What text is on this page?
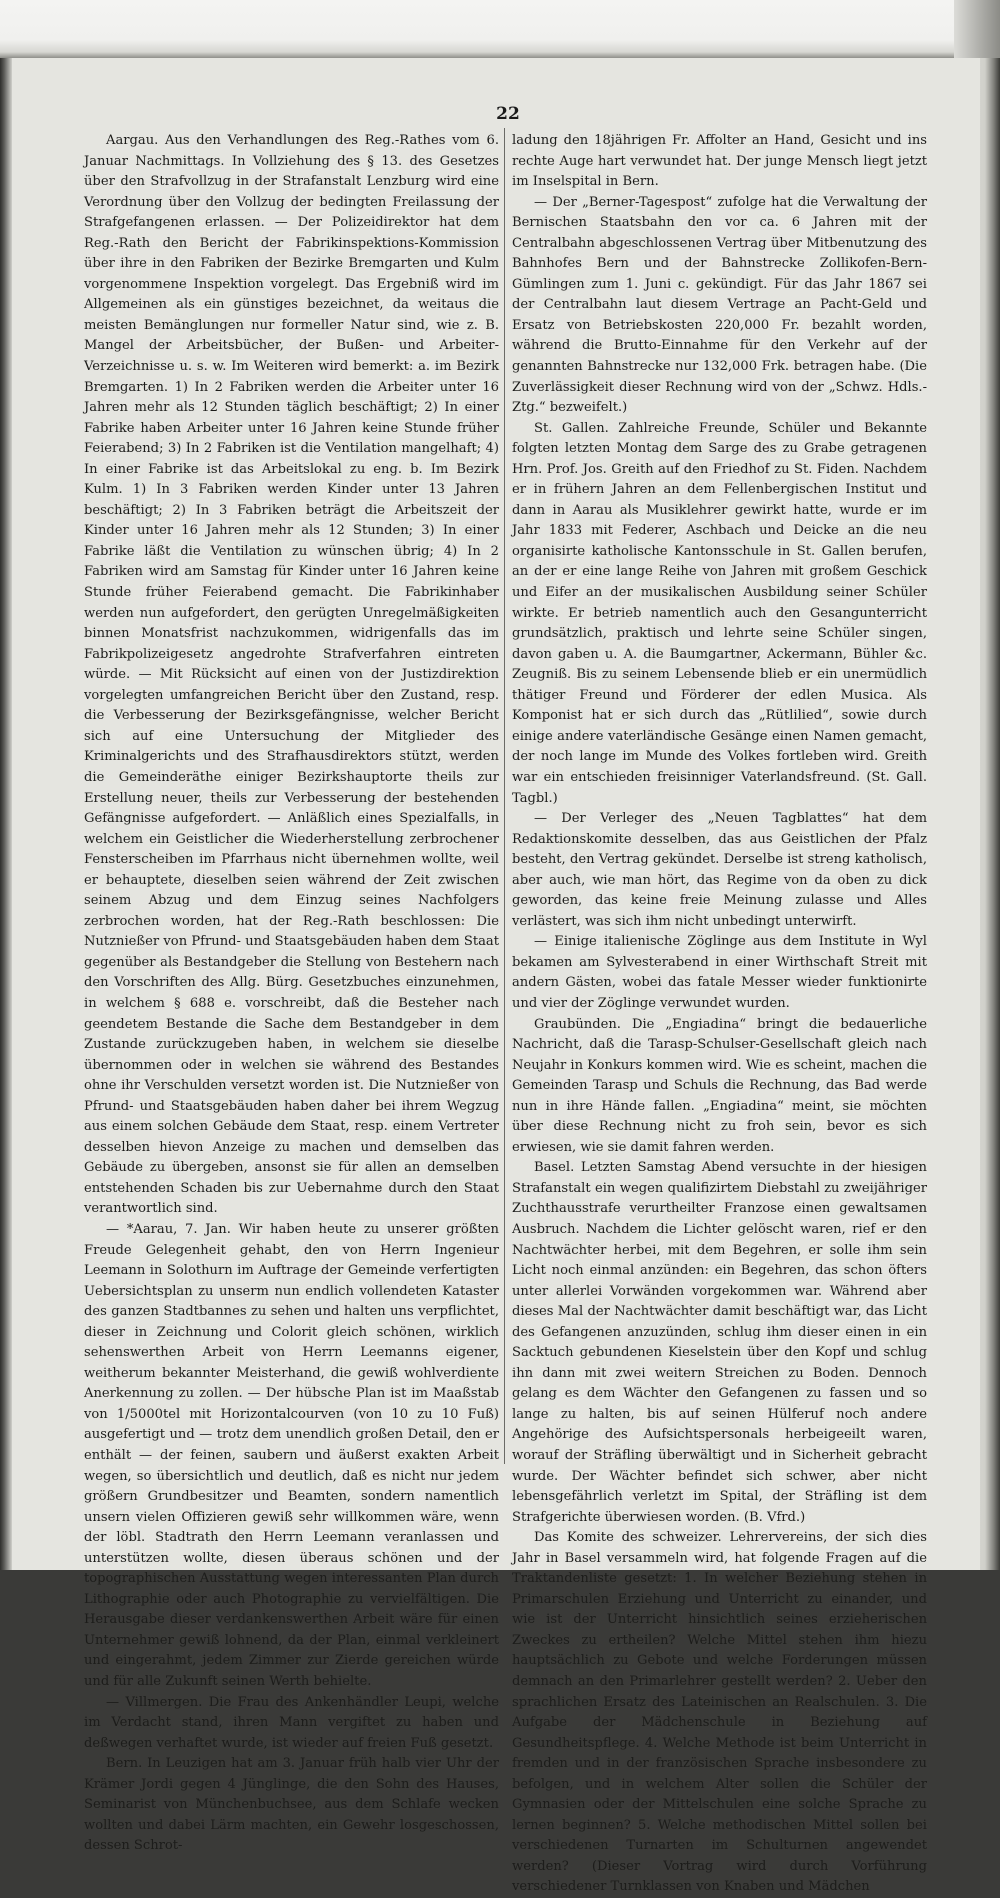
22

Aargau. Aus den Verhandlungen des Reg.-Rathes vom 6. Januar Nachmittags. In Vollziehung des § 13. des Gesetzes über den Strafvollzug in der Strafanstalt Lenzburg wird eine Verordnung über den Vollzug der bedingten Freilassung der Strafgefangenen erlassen. — Der Polizeidirektor hat dem Reg.-Rath den Bericht der Fabrikinspektions-Kommission über ihre in den Fabriken der Bezirke Bremgarten und Kulm vorgenommene Inspektion vorgelegt. Das Ergebniß wird im Allgemeinen als ein günstiges bezeichnet, da weitaus die meisten Bemänglungen nur formeller Natur sind, wie z. B. Mangel der Arbeitsbücher, der Bußen- und Arbeiter-Verzeichnisse u. s. w. Im Weiteren wird bemerkt: a. im Bezirk Bremgarten. 1) In 2 Fabriken werden die Arbeiter unter 16 Jahren mehr als 12 Stunden täglich beschäftigt; 2) In einer Fabrike haben Arbeiter unter 16 Jahren keine Stunde früher Feierabend; 3) In 2 Fabriken ist die Ventilation mangelhaft; 4) In einer Fabrike ist das Arbeitslokal zu eng. b. Im Bezirk Kulm. 1) In 3 Fabriken werden Kinder unter 13 Jahren beschäftigt; 2) In 3 Fabriken beträgt die Arbeitszeit der Kinder unter 16 Jahren mehr als 12 Stunden; 3) In einer Fabrike läßt die Ventilation zu wünschen übrig; 4) In 2 Fabriken wird am Samstag für Kinder unter 16 Jahren keine Stunde früher Feierabend gemacht. Die Fabrikinhaber werden nun aufgefordert, den gerügten Unregelmäßigkeiten binnen Monatsfrist nachzukommen, widrigenfalls das im Fabrikpolizeigesetz angedrohte Strafverfahren eintreten würde. — Mit Rücksicht auf einen von der Justizdirektion vorgelegten umfangreichen Bericht über den Zustand, resp. die Verbesserung der Bezirksgefängnisse, welcher Bericht sich auf eine Untersuchung der Mitglieder des Kriminalgerichts und des Strafhausdirektors stützt, werden die Gemeinderäthe einiger Bezirkshauptorte theils zur Erstellung neuer, theils zur Verbesserung der bestehenden Gefängnisse aufgefordert. — Anläßlich eines Spezialfalls, in welchem ein Geistlicher die Wiederherstellung zerbrochener Fensterscheiben im Pfarrhaus nicht übernehmen wollte, weil er behauptete, dieselben seien während der Zeit zwischen seinem Abzug und dem Einzug seines Nachfolgers zerbrochen worden, hat der Reg.-Rath beschlossen: Die Nutznießer von Pfrund- und Staatsgebäuden haben dem Staat gegenüber als Bestandgeber die Stellung von Bestehern nach den Vorschriften des Allg. Bürg. Gesetzbuches einzunehmen, in welchem § 688 e. vorschreibt, daß die Besteher nach geendetem Bestande die Sache dem Bestandgeber in dem Zustande zurückzugeben haben, in welchem sie dieselbe übernommen oder in welchen sie während des Bestandes ohne ihr Verschulden versetzt worden ist. Die Nutznießer von Pfrund- und Staatsgebäuden haben daher bei ihrem Wegzug aus einem solchen Gebäude dem Staat, resp. einem Vertreter desselben hievon Anzeige zu machen und demselben das Gebäude zu übergeben, ansonst sie für allen an demselben entstehenden Schaden bis zur Uebernahme durch den Staat verantwortlich sind.

— *Aarau, 7. Jan. Wir haben heute zu unserer größten Freude Gelegenheit gehabt, den von Herrn Ingenieur Leemann in Solothurn im Auftrage der Gemeinde verfertigten Uebersichtsplan zu unserm nun endlich vollendeten Kataster des ganzen Stadtbannes zu sehen und halten uns verpflichtet, dieser in Zeichnung und Colorit gleich schönen, wirklich sehenswerthen Arbeit von Herrn Leemanns eigener, weitherum bekannter Meisterhand, die gewiß wohlverdiente Anerkennung zu zollen. — Der hübsche Plan ist im Maaßstab von 1/5000tel mit Horizontalcourven (von 10 zu 10 Fuß) ausgefertigt und — trotz dem unendlich großen Detail, den er enthält — der feinen, saubern und äußerst exakten Arbeit wegen, so übersichtlich und deutlich, daß es nicht nur jedem größern Grundbesitzer und Beamten, sondern namentlich unsern vielen Offizieren gewiß sehr willkommen wäre, wenn der löbl. Stadtrath den Herrn Leemann veranlassen und unterstützen wollte, diesen überaus schönen und der topographischen Ausstattung wegen interessanten Plan durch Lithographie oder auch Photographie zu vervielfältigen. Die Herausgabe dieser verdankenswerthen Arbeit wäre für einen Unternehmer gewiß lohnend, da der Plan, einmal verkleinert und eingerahmt, jedem Zimmer zur Zierde gereichen würde und für alle Zukunft seinen Werth behielte.

— Villmergen. Die Frau des Ankenhändler Leupi, welche im Verdacht stand, ihren Mann vergiftet zu haben und deßwegen verhaftet wurde, ist wieder auf freien Fuß gesetzt.

Bern. In Leuzigen hat am 3. Januar früh halb vier Uhr der Krämer Jordi gegen 4 Jünglinge, die den Sohn des Hauses, Seminarist von Münchenbuchsee, aus dem Schlafe wecken wollten und dabei Lärm machten, ein Gewehr losgeschossen, dessen Schrot-

ladung den 18jährigen Fr. Affolter an Hand, Gesicht und ins rechte Auge hart verwundet hat. Der junge Mensch liegt jetzt im Inselspital in Bern.

— Der „Berner-Tagespost“ zufolge hat die Verwaltung der Bernischen Staatsbahn den vor ca. 6 Jahren mit der Centralbahn abgeschlossenen Vertrag über Mitbenutzung des Bahnhofes Bern und der Bahnstrecke Zollikofen-Bern-Gümlingen zum 1. Juni c. gekündigt. Für das Jahr 1867 sei der Centralbahn laut diesem Vertrage an Pacht-Geld und Ersatz von Betriebskosten 220,000 Fr. bezahlt worden, während die Brutto-Einnahme für den Verkehr auf der genannten Bahnstrecke nur 132,000 Frk. betragen habe. (Die Zuverlässigkeit dieser Rechnung wird von der „Schwz. Hdls.-Ztg.“ bezweifelt.)

St. Gallen. Zahlreiche Freunde, Schüler und Bekannte folgten letzten Montag dem Sarge des zu Grabe getragenen Hrn. Prof. Jos. Greith auf den Friedhof zu St. Fiden. Nachdem er in frühern Jahren an dem Fellenbergischen Institut und dann in Aarau als Musiklehrer gewirkt hatte, wurde er im Jahr 1833 mit Federer, Aschbach und Deicke an die neu organisirte katholische Kantonsschule in St. Gallen berufen, an der er eine lange Reihe von Jahren mit großem Geschick und Eifer an der musikalischen Ausbildung seiner Schüler wirkte. Er betrieb namentlich auch den Gesangunterricht grundsätzlich, praktisch und lehrte seine Schüler singen, davon gaben u. A. die Baumgartner, Ackermann, Bühler &c. Zeugniß. Bis zu seinem Lebensende blieb er ein unermüdlich thätiger Freund und Förderer der edlen Musica. Als Komponist hat er sich durch das „Rütlilied“, sowie durch einige andere vaterländische Gesänge einen Namen gemacht, der noch lange im Munde des Volkes fortleben wird. Greith war ein entschieden freisinniger Vaterlandsfreund. (St. Gall. Tagbl.)

— Der Verleger des „Neuen Tagblattes“ hat dem Redaktionskomite desselben, das aus Geistlichen der Pfalz besteht, den Vertrag gekündet. Derselbe ist streng katholisch, aber auch, wie man hört, das Regime von da oben zu dick geworden, das keine freie Meinung zulasse und Alles verlästert, was sich ihm nicht unbedingt unterwirft.

— Einige italienische Zöglinge aus dem Institute in Wyl bekamen am Sylvesterabend in einer Wirthschaft Streit mit andern Gästen, wobei das fatale Messer wieder funktionirte und vier der Zöglinge verwundet wurden.

Graubünden. Die „Engiadina“ bringt die bedauerliche Nachricht, daß die Tarasp-Schulser-Gesellschaft gleich nach Neujahr in Konkurs kommen wird. Wie es scheint, machen die Gemeinden Tarasp und Schuls die Rechnung, das Bad werde nun in ihre Hände fallen. „Engiadina“ meint, sie möchten über diese Rechnung nicht zu froh sein, bevor es sich erwiesen, wie sie damit fahren werden.

Basel. Letzten Samstag Abend versuchte in der hiesigen Strafanstalt ein wegen qualifizirtem Diebstahl zu zweijähriger Zuchthausstrafe verurtheilter Franzose einen gewaltsamen Ausbruch. Nachdem die Lichter gelöscht waren, rief er den Nachtwächter herbei, mit dem Begehren, er solle ihm sein Licht noch einmal anzünden: ein Begehren, das schon öfters unter allerlei Vorwänden vorgekommen war. Während aber dieses Mal der Nachtwächter damit beschäftigt war, das Licht des Gefangenen anzuzünden, schlug ihm dieser einen in ein Sacktuch gebundenen Kieselstein über den Kopf und schlug ihn dann mit zwei weitern Streichen zu Boden. Dennoch gelang es dem Wächter den Gefangenen zu fassen und so lange zu halten, bis auf seinen Hülferuf noch andere Angehörige des Aufsichtspersonals herbeigeeilt waren, worauf der Sträfling überwältigt und in Sicherheit gebracht wurde. Der Wächter befindet sich schwer, aber nicht lebensgefährlich verletzt im Spital, der Sträfling ist dem Strafgerichte überwiesen worden. (B. Vfrd.)

Das Komite des schweizer. Lehrervereins, der sich dies Jahr in Basel versammeln wird, hat folgende Fragen auf die Traktandenliste gesetzt: 1. In welcher Beziehung stehen in Primarschulen Erziehung und Unterricht zu einander, und wie ist der Unterricht hinsichtlich seines erzieherischen Zweckes zu ertheilen? Welche Mittel stehen ihm hiezu hauptsächlich zu Gebote und welche Forderungen müssen demnach an den Primarlehrer gestellt werden? 2. Ueber den sprachlichen Ersatz des Lateinischen an Realschulen. 3. Die Aufgabe der Mädchenschule in Beziehung auf Gesundheitspflege. 4. Welche Methode ist beim Unterricht in fremden und in der französischen Sprache insbesondere zu befolgen, und in welchem Alter sollen die Schüler der Gymnasien oder der Mittelschulen eine solche Sprache zu lernen beginnen? 5. Welche methodischen Mittel sollen bei verschiedenen Turnarten im Schulturnen angewendet werden? (Dieser Vortrag wird durch Vorführung verschiedener Turnklassen von Knaben und Mädchen
